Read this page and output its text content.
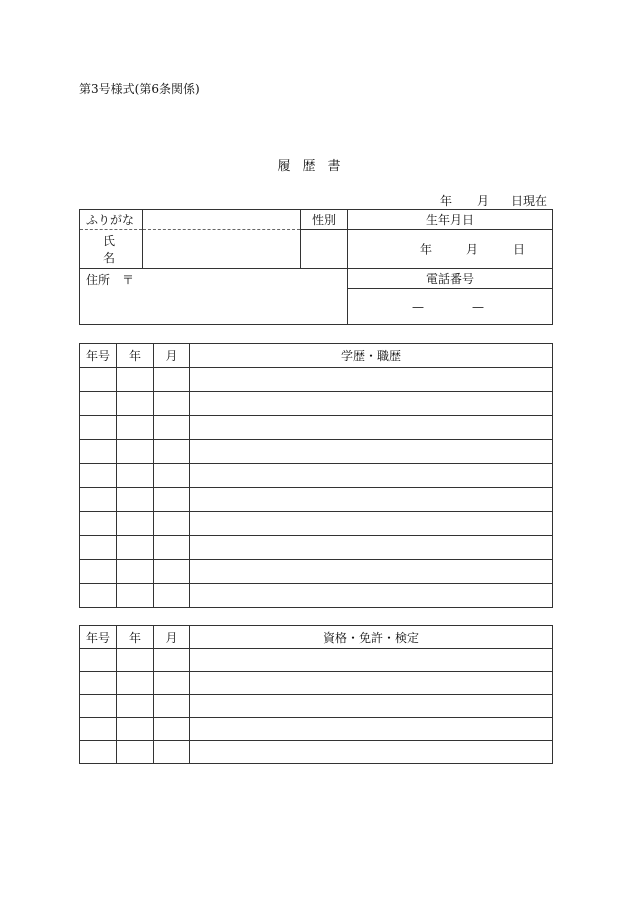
第3号様式(第6条関係)
履歴書
年 月 日現在
ふりがな		性別	生年月日
氏　名			年 月 日

住所　〒			電話番号

			— —
年号	年	月	学歴・職歴

年号	年	月	資格・免許・検定
